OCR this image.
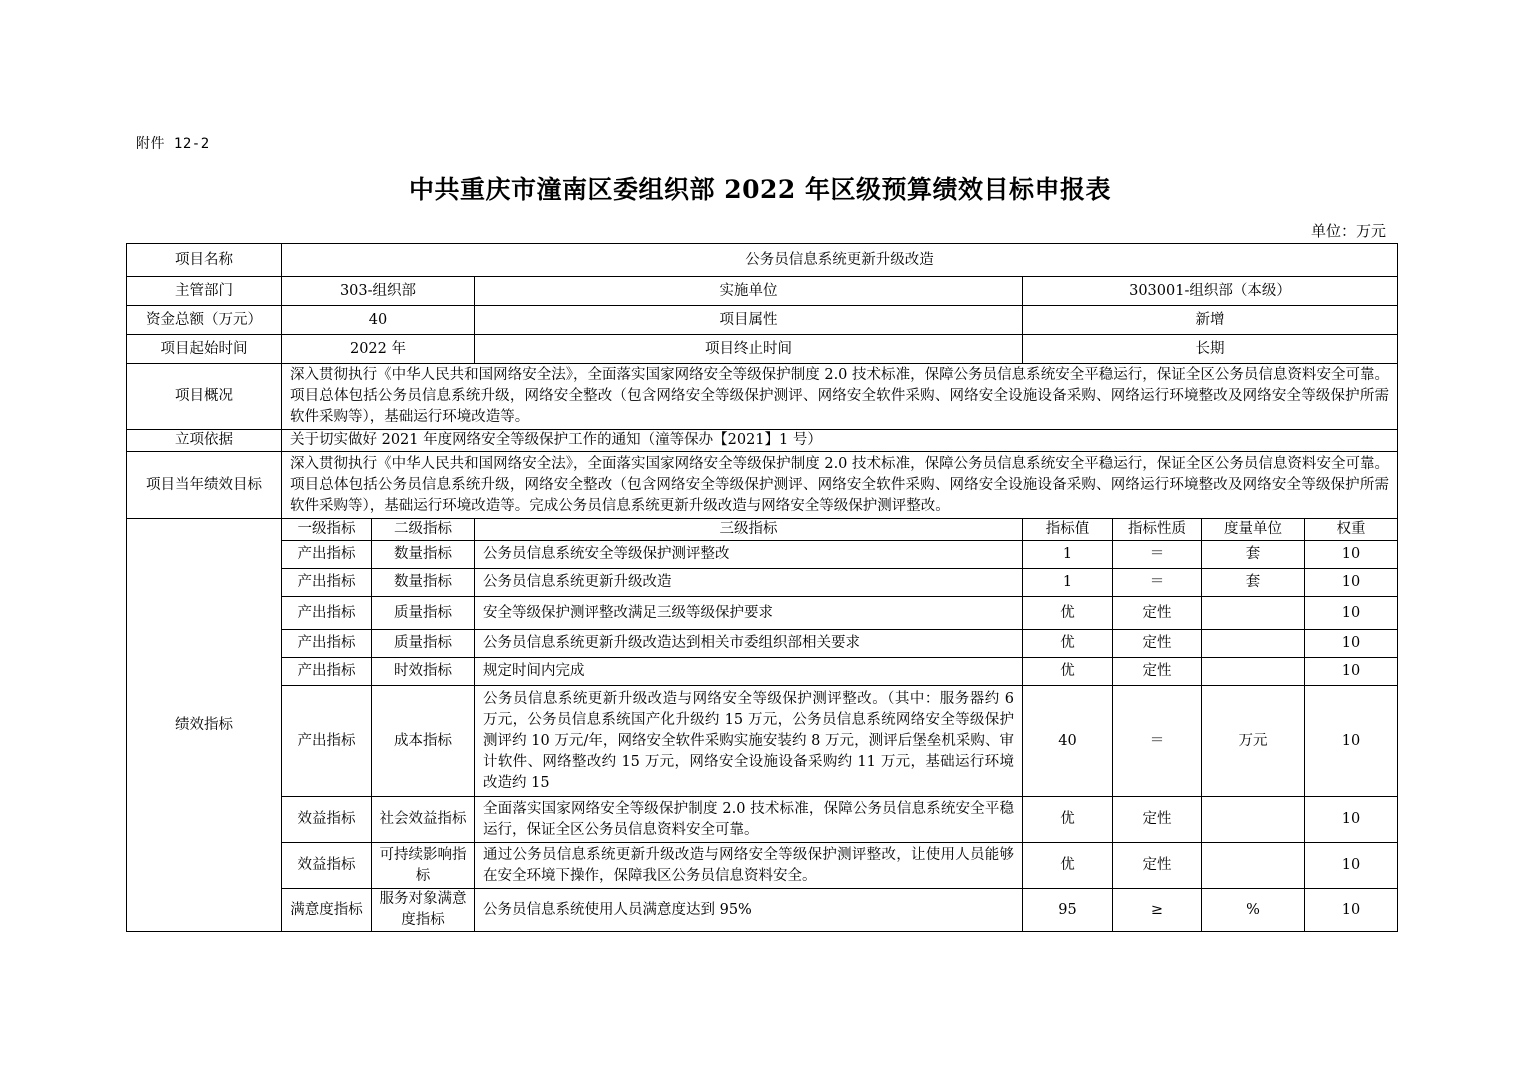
附件 12-2
中共重庆市潼南区委组织部 2022 年区级预算绩效目标申报表
单位：万元
项目名称	公务员信息系统更新升级改造						
主管部门	303-组织部		实施单位	303001-组织部（本级）			
资金总额（万元）	40		项目属性	新增			
项目起始时间	2022 年		项目终止时间	长期			
项目概况	深入贯彻执行《中华人民共和国网络安全法》，全面落实国家网络安全等级保护制度 2.0 技术标准，保障公务员信息系统安全平稳运行，保证全区公务员信息资料安全可靠。项目总体包括公务员信息系统升级，网络安全整改（包含网络安全等级保护测评、网络安全软件采购、网络安全设施设备采购、网络运行环境整改及网络安全等级保护所需软件采购等），基础运行环境改造等。						
立项依据	关于切实做好 2021 年度网络安全等级保护工作的通知（潼等保办【2021】1 号）						
项目当年绩效目标	深入贯彻执行《中华人民共和国网络安全法》，全面落实国家网络安全等级保护制度 2.0 技术标准，保障公务员信息系统安全平稳运行，保证全区公务员信息资料安全可靠。项目总体包括公务员信息系统升级，网络安全整改（包含网络安全等级保护测评、网络安全软件采购、网络安全设施设备采购、网络运行环境整改及网络安全等级保护所需软件采购等），基础运行环境改造等。完成公务员信息系统更新升级改造与网络安全等级保护测评整改。						
绩效指标	一级指标	二级指标	三级指标	指标值	指标性质	度量单位	权重
	产出指标	数量指标	公务员信息系统安全等级保护测评整改	1	＝	套	10
	产出指标	数量指标	公务员信息系统更新升级改造	1	＝	套	10
	产出指标	质量指标	安全等级保护测评整改满足三级等级保护要求	优	定性		10
	产出指标	质量指标	公务员信息系统更新升级改造达到相关市委组织部相关要求	优	定性		10
	产出指标	时效指标	规定时间内完成	优	定性		10
	产出指标	成本指标	公务员信息系统更新升级改造与网络安全等级保护测评整改。（其中：服务器约 6 万元，公务员信息系统国产化升级约 15 万元，公务员信息系统网络安全等级保护测评约 10 万元/年，网络安全软件采购实施安装约 8 万元，测评后堡垒机采购、审计软件、网络整改约 15 万元，网络安全设施设备采购约 11 万元，基础运行环境改造约 15	40	＝	万元	10
	效益指标	社会效益指标	全面落实国家网络安全等级保护制度 2.0 技术标准，保障公务员信息系统安全平稳运行，保证全区公务员信息资料安全可靠。	优	定性		10
	效益指标	可持续影响指标	通过公务员信息系统更新升级改造与网络安全等级保护测评整改，让使用人员能够在安全环境下操作，保障我区公务员信息资料安全。	优	定性		10
	满意度指标	服务对象满意度指标	公务员信息系统使用人员满意度达到 95%	95	≥	%	10
